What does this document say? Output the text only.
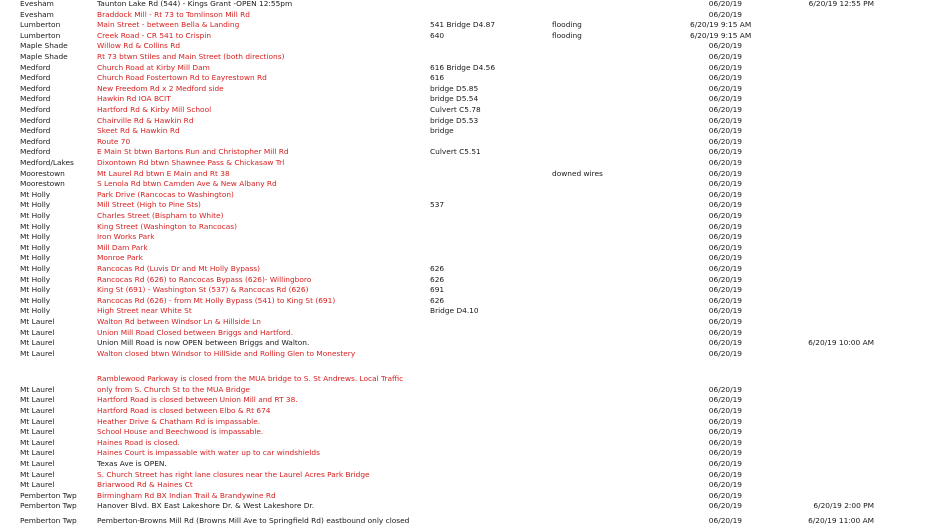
Evesham	Taunton Lake Rd (544) - Kings Grant -OPEN 12:55pm	06/20/19	6/20/19 12:55 PM
Evesham	Braddock Mill - Rt 73 to Tomlinson Mill Rd	06/20/19
Lumberton	Main Street - between Bella & Landing	541 Bridge D4.87	flooding	6/20/19 9:15 AM
Lumberton	Creek Road - CR 541 to Crispin	640	flooding	6/20/19 9:15 AM
Maple Shade	Willow Rd & Collins Rd	06/20/19
Maple Shade	Rt 73 btwn Stiles and Main Street (both directions)	06/20/19
Medford	Church Road at Kirby Mill Dam	616 Bridge D4.56	06/20/19
Medford	Church Road Fostertown Rd to Eayrestown Rd	616	06/20/19
Medford	New Freedom Rd x 2 Medford side	bridge D5.85	06/20/19
Medford	Hawkin Rd IOA BCIT	bridge D5.54	06/20/19
Medford	Hartford Rd & Kirby Mill School	Culvert C5.78	06/20/19
Medford	Chairville Rd & Hawkin Rd	bridge D5.53	06/20/19
Medford	Skeet Rd & Hawkin Rd	bridge	06/20/19
Medford	Route 70	06/20/19
Medford	E Main St btwn Bartons Run and Christopher Mill Rd	Culvert C5.51	06/20/19
Medford/Lakes	Dixontown Rd btwn Shawnee Pass & Chickasaw Trl	06/20/19
Moorestown	Mt Laurel Rd btwn E Main and Rt 38	downed wires	06/20/19
Moorestown	S Lenola Rd btwn Camden Ave & New Albany Rd	06/20/19
Mt Holly	Park Drive (Rancocas to Washington)	06/20/19
Mt Holly	Mill Street (High to Pine Sts)	537	06/20/19
Mt Holly	Charles Street (Bispham to White)	06/20/19
Mt Holly	King Street (Washington to Rancocas)	06/20/19
Mt Holly	Iron Works Park	06/20/19
Mt Holly	Mill Dam Park	06/20/19
Mt Holly	Monroe Park	06/20/19
Mt Holly	Rancocas Rd (Luvis Dr and Mt Holly Bypass)	626	06/20/19
Mt Holly	Rancocas Rd (626) to Rancocas Bypass (626)- Willingboro	626	06/20/19
Mt Holly	King St (691) - Washington St (537) & Rancocas Rd (626)	691	06/20/19
Mt Holly	Rancocas Rd (626) - from Mt Holly Bypass (541) to King St (691)	626	06/20/19
Mt Holly	High Street near White St	Bridge D4.10	06/20/19
Mt Laurel	Walton Rd between Windsor Ln & Hillside Ln	06/20/19
Mt Laurel	Union Mill Road Closed between Briggs and Hartford.	06/20/19
Mt Laurel	Union Mill Road is now OPEN between Briggs and Walton.	06/20/19	6/20/19 10:00 AM
Mt Laurel	Walton closed btwn Windsor to HillSide and Rolling Glen to Monestery	06/20/19
Ramblewood Parkway is closed from the MUA bridge to S. St Andrews. Local Traffic
Mt Laurel	only from S. Church St to the MUA Bridge	06/20/19
Mt Laurel	Hartford Road is closed between Union Mill and RT 38.	06/20/19
Mt Laurel	Hartford Road is closed between Elbo & Rt 674	06/20/19
Mt Laurel	Heather Drive & Chatham Rd is impassable.	06/20/19
Mt Laurel	School House and Beechwood is impassable.	06/20/19
Mt Laurel	Haines Road is closed.	06/20/19
Mt Laurel	Haines Court is impassable with water up to car windshields	06/20/19
Mt Laurel	Texas Ave is OPEN.	06/20/19
Mt Laurel	S. Church Street has right lane closures near the Laurel Acres Park Bridge	06/20/19
Mt Laurel	Briarwood Rd & Haines Ct	06/20/19
Pemberton Twp	Birmingham Rd BX Indian Trail & Brandywine Rd	06/20/19
Pemberton Twp	Hanover Blvd. BX East Lakeshore Dr. & West Lakeshore Dr.	06/20/19	6/20/19 2:00 PM
Pemberton Twp	Pemberton-Browns Mill Rd (Browns Mill Ave to Springfield Rd) eastbound only closed	06/20/19	6/20/19 11:00 AM
